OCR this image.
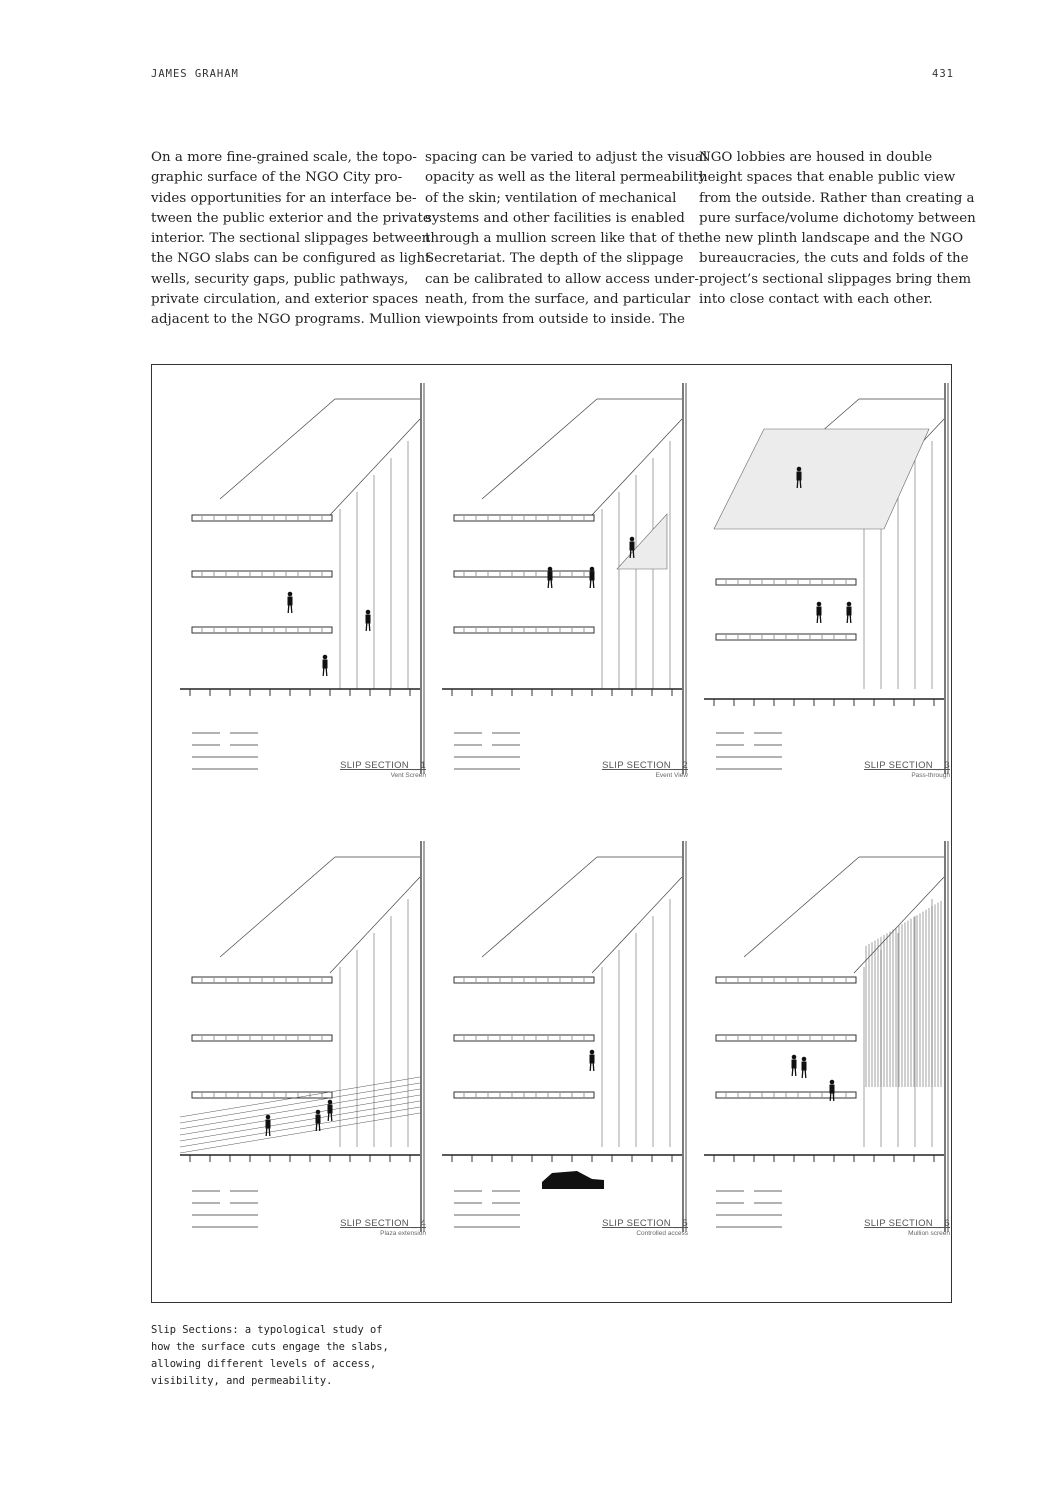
JAMES GRAHAM	431
On a more fine-grained scale, the topo-
graphic surface of the NGO City pro-
vides opportunities for an interface be-
tween the public exterior and the private
interior. The sectional slippages between
the NGO slabs can be configured as light
wells, security gaps, public pathways,
private circulation, and exterior spaces
adjacent to the NGO programs. Mullion
spacing can be varied to adjust the visual
opacity as well as the literal permeability
of the skin; ventilation of mechanical
systems and other facilities is enabled
through a mullion screen like that of the
Secretariat. The depth of the slippage
can be calibrated to allow access under-
neath, from the surface, and particular
viewpoints from outside to inside. The
NGO lobbies are housed in double
height spaces that enable public view
from the outside. Rather than creating a
pure surface/volume dichotomy between
the new plinth landscape and the NGO
bureaucracies, the cuts and folds of the
project’s sectional slippages bring them
into close contact with each other.
SLIP SECTION _ 1
Vent Screen
SLIP SECTION _ 2
Event View
SLIP SECTION _ 3
Pass-through
SLIP SECTION _ 4
Plaza extension
SLIP SECTION _ 5
Controlled access
SLIP SECTION _ 6
Mullion screen
Slip Sections: a typological study of
how the surface cuts engage the slabs,
allowing different levels of access,
visibility, and permeability.
